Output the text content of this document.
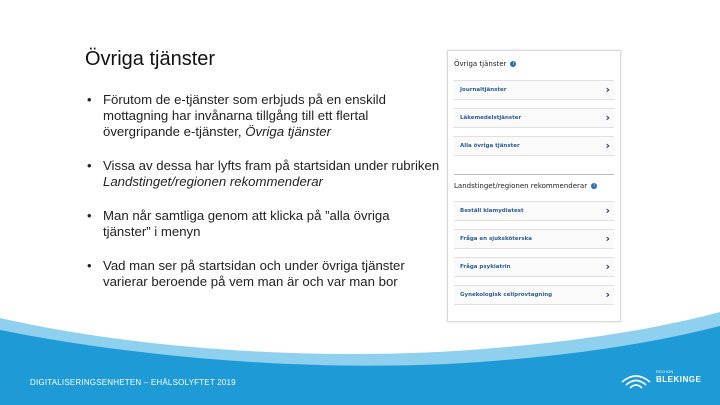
Övriga tjänster
• Förutom de e-tjänster som erbjuds på en enskild mottagning har invånarna tillgång till ett flertal övergripande e-tjänster, Övriga tjänster
• Vissa av dessa har lyfts fram på startsidan under rubriken Landstinget/regionen rekommenderar
• Man når samtliga genom att klicka på ”alla övriga tjänster” i menyn
• Vad man ser på startsidan och under övriga tjänster varierar beroende på vem man är och var man bor
Övriga tjänster	i
Journaltjänster	›
Läkemedelstjänster	›
Alla övriga tjänster	›
Landstinget/regionen rekommenderar	i
Beställ klamydiatest	›
Fråga en sjuksköterska	›
Fråga psykiatrin	›
Gynekologisk cellprovtagning	›
DIGITALISERINGSENHETEN – EHÄLSOLYFTET 2019
REGION
BLEKINGE
